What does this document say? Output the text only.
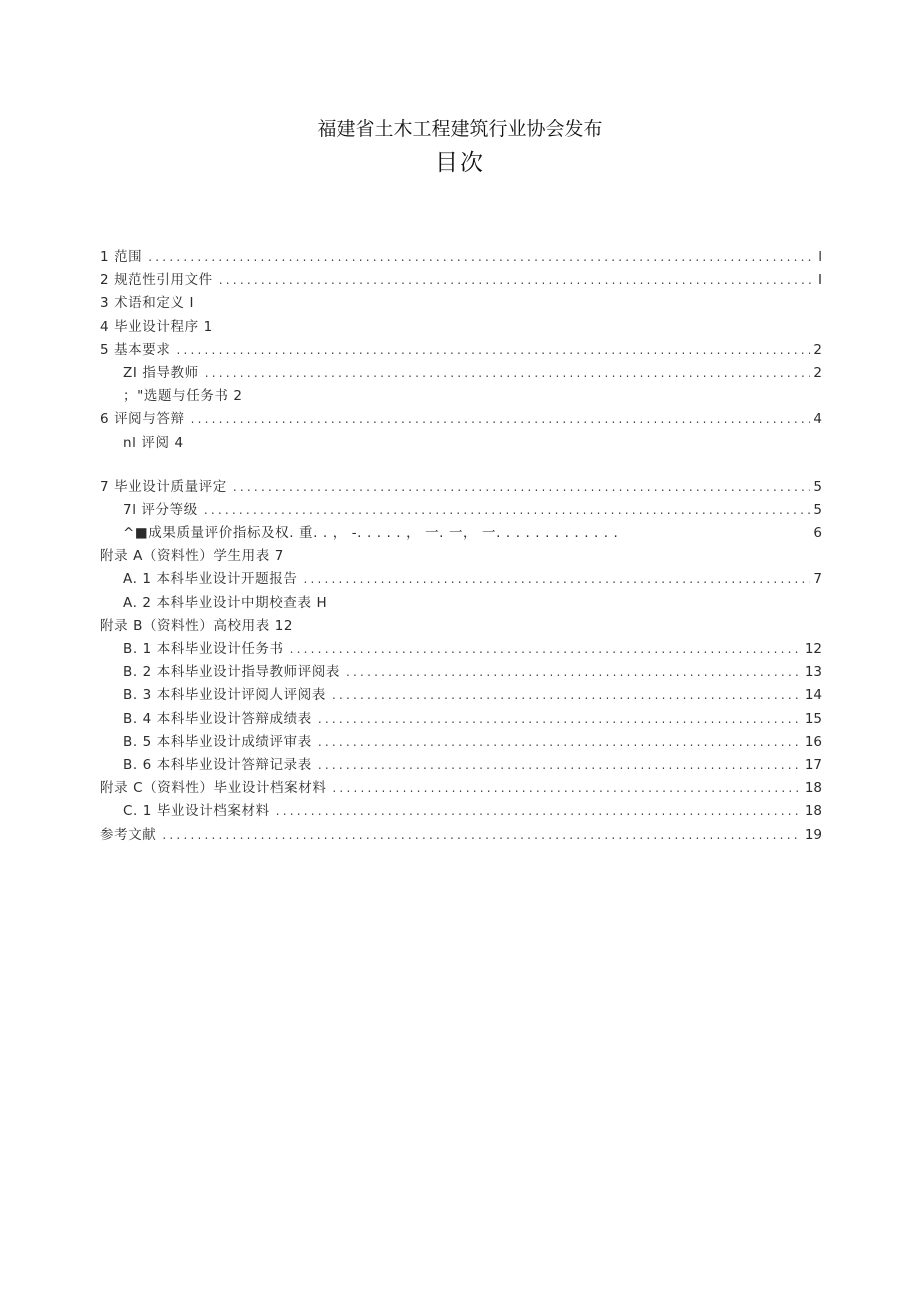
福建省土木工程建筑行业协会发布
目次
1 范围 .....	l
2 规范性引用文件 .....	I
3 术语和定义 I
4 毕业设计程序 1
5 基本要求 .....	2
ZI 指导教师 .....	2
；"选题与任务书 2
6 评阅与答辩 .....	4
nl 评阅 4
7 毕业设计质量评定 .....	5
7l 评分等级 .....	5
^■成果质量评价指标及权. 重. . ， -. . . . . ， 一. 一， 一. . . . . . . . . . . . .	6
附录 A（资料性）学生用表 7
A. 1 本科毕业设计开题报告 .....	7
A. 2 本科毕业设计中期校查表 H
附录 B（资料性）高校用表 12
B. 1 本科毕业设计任务书 .....	12
B. 2 本科毕业设计指导教师评阅表 .....	13
B. 3 本科毕业设计评阅人评阅表 .....	14
B. 4 本科毕业设计答辩成绩表 .....	15
B. 5 本科毕业设计成绩评审表 .....	16
B. 6 本科毕业设计答辩记录表 .....	17
附录 C（资料性）毕业设计档案材料 .....	18
C. 1 毕业设计档案材料 .....	18
参考文献 .....	19
